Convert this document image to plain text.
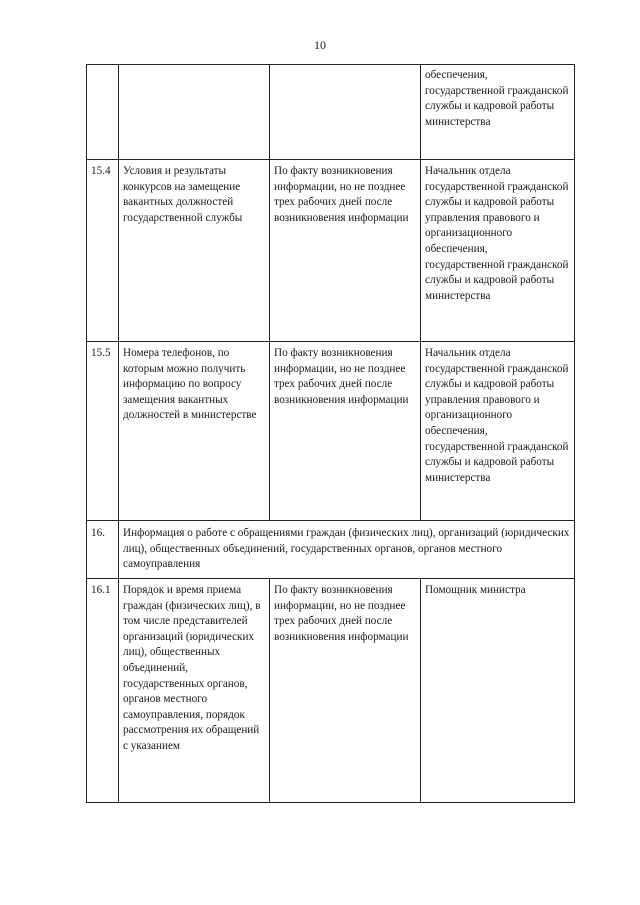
10
			обеспечения, государственной гражданской службы и кадровой работы министерства
15.4	Условия и результаты конкурсов на замещение вакантных должностей государственной службы	По факту возникновения информации, но не позднее трех рабочих дней после возникновения информации	Начальник отдела государственной гражданской службы и кадровой работы управления правового и организационного обеспечения, государственной гражданской службы и кадровой работы министерства
15.5	Номера телефонов, по которым можно получить информацию по вопросу замещения вакантных должностей в министерстве	По факту возникновения информации, но не позднее трех рабочих дней после возникновения информации	Начальник отдела государственной гражданской службы и кадровой работы управления правового и организационного обеспечения, государственной гражданской службы и кадровой работы министерства
16.	Информация о работе с обращениями граждан (физических лиц), организаций (юридических лиц), общественных объединений, государственных органов, органов местного самоуправления		
16.1	Порядок и время приема граждан (физических лиц), в том числе представителей организаций (юридических лиц), общественных объединений, государственных органов, органов местного самоуправления, порядок рассмотрения их обращений с указанием	По факту возникновения информации, но не позднее трех рабочих дней после возникновения информации	Помощник министра
